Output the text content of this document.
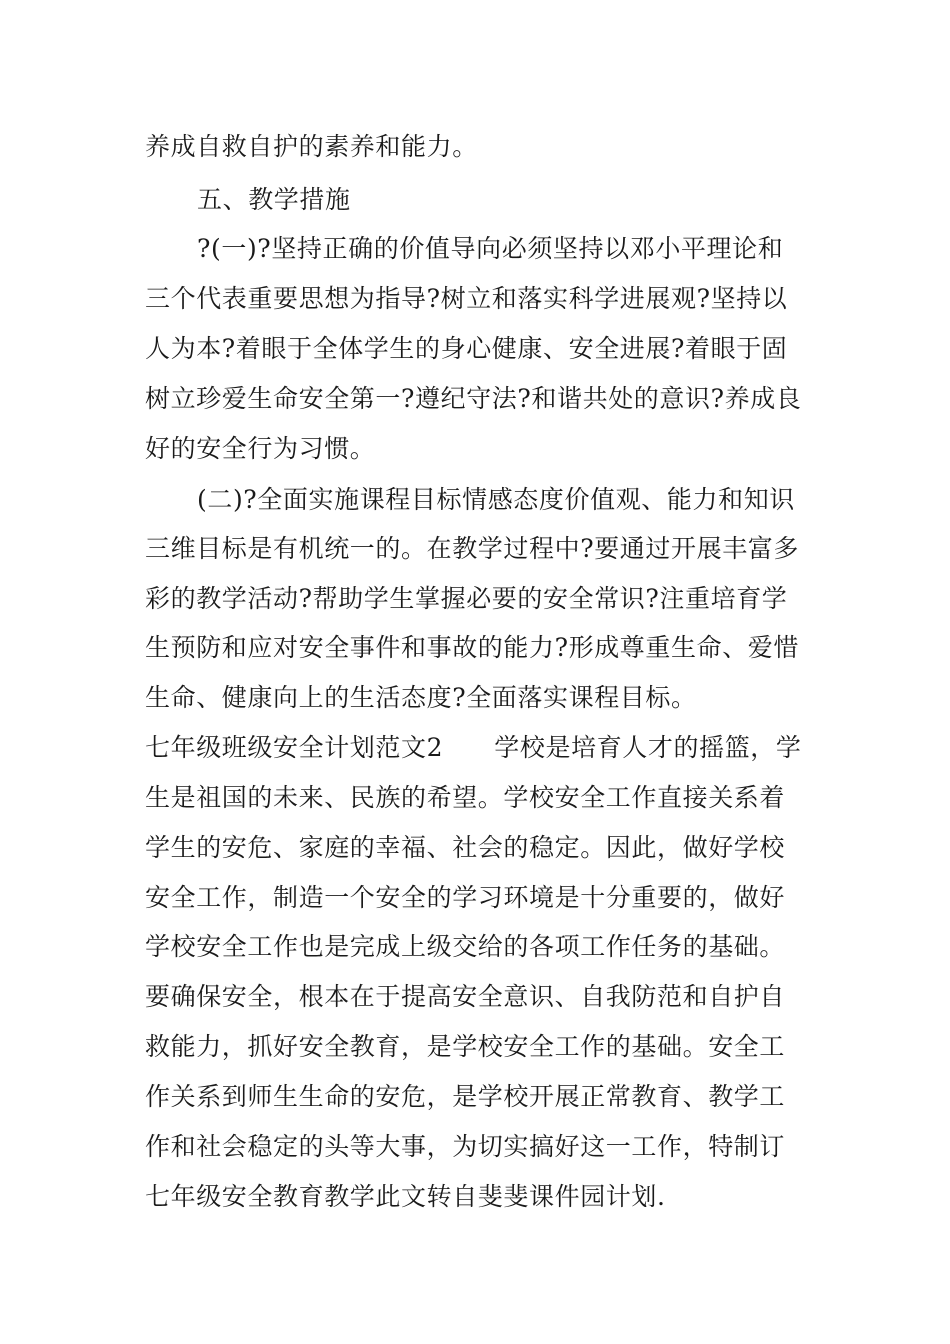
养成自救自护的素养和能力。
五、教学措施
?(一)?坚持正确的价值导向必须坚持以邓小平理论和
三个代表重要思想为指导?树立和落实科学进展观?坚持以
人为本?着眼于全体学生的身心健康、安全进展?着眼于固
树立珍爱生命安全第一?遵纪守法?和谐共处的意识?养成良
好的安全行为习惯。
(二)?全面实施课程目标情感态度价值观、能力和知识
三维目标是有机统一的。在教学过程中?要通过开展丰富多
彩的教学活动?帮助学生掌握必要的安全常识?注重培育学
生预防和应对安全事件和事故的能力?形成尊重生命、爱惜
生命、健康向上的生活态度?全面落实课程目标。
七年级班级安全计划范文2　　学校是培育人才的摇篮，学
生是祖国的未来、民族的希望。学校安全工作直接关系着
学生的安危、家庭的幸福、社会的稳定。因此，做好学校
安全工作，制造一个安全的学习环境是十分重要的，做好
学校安全工作也是完成上级交给的各项工作任务的基础。
要确保安全，根本在于提高安全意识、自我防范和自护自
救能力，抓好安全教育，是学校安全工作的基础。安全工
作关系到师生生命的安危，是学校开展正常教育、教学工
作和社会稳定的头等大事，为切实搞好这一工作，特制订
七年级安全教育教学此文转自斐斐课件园计划.
